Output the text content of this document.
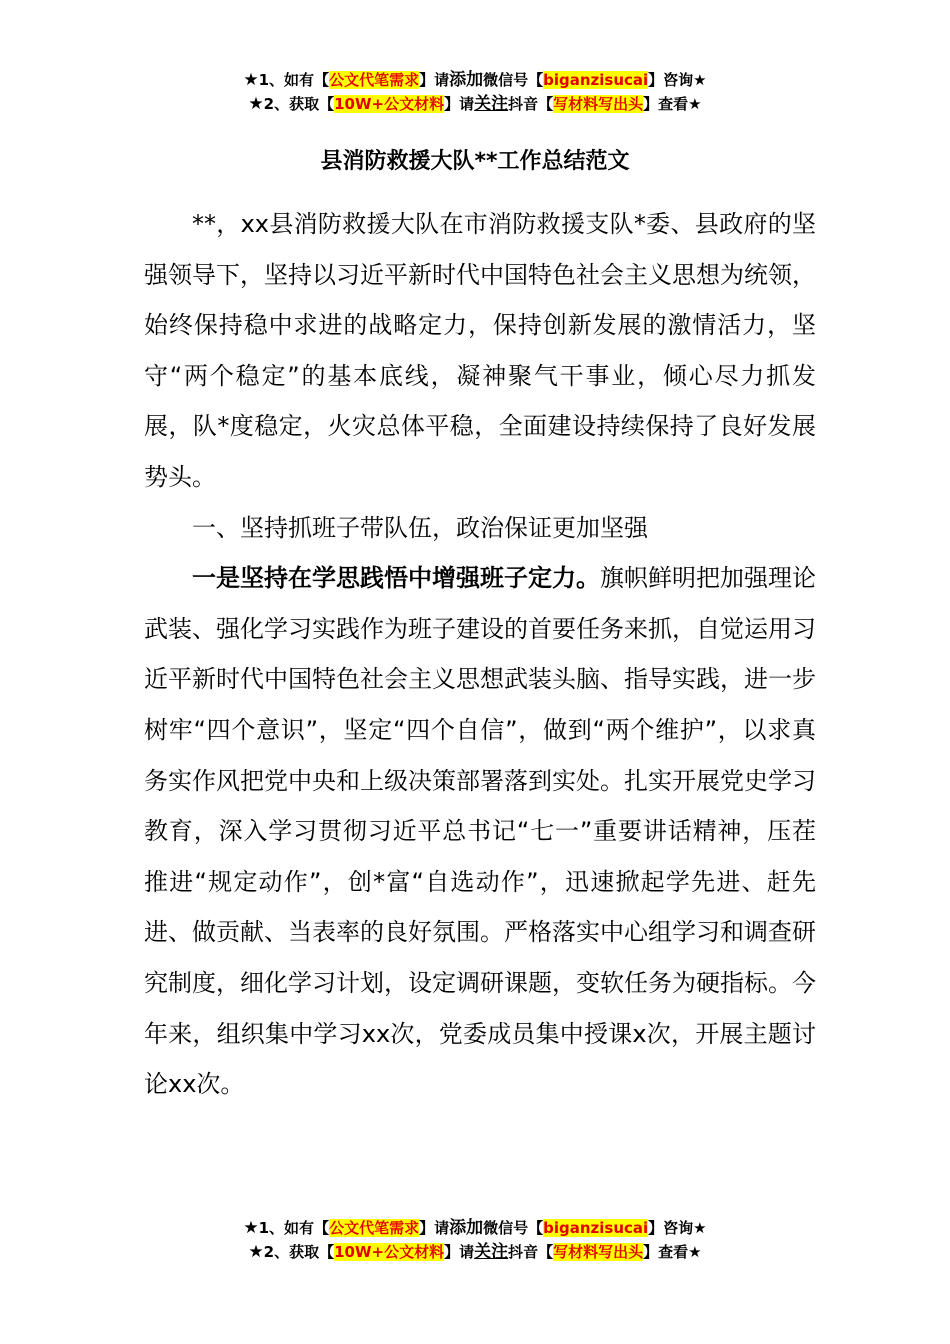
★1、如有【公文代笔需求】请添加微信号【biganzisucai】咨询★
★2、获取【10W+公文材料】请关注抖音【写材料写出头】查看★
县消防救援大队**工作总结范文

**，xx县消防救援大队在市消防救援支队*委、县政府的坚强领导下，坚持以习近平新时代中国特色社会主义思想为统领，始终保持稳中求进的战略定力，保持创新发展的激情活力，坚守“两个稳定”的基本底线，凝神聚气干事业，倾心尽力抓发展，队*度稳定，火灾总体平稳，全面建设持续保持了良好发展势头。

一、坚持抓班子带队伍，政治保证更加坚强

一是坚持在学思践悟中增强班子定力。旗帜鲜明把加强理论武装、强化学习实践作为班子建设的首要任务来抓，自觉运用习近平新时代中国特色社会主义思想武装头脑、指导实践，进一步树牢“四个意识”，坚定“四个自信”，做到“两个维护”，以求真务实作风把党中央和上级决策部署落到实处。扎实开展党史学习教育，深入学习贯彻习近平总书记“七一”重要讲话精神，压茬推进“规定动作”，创*富“自选动作”，迅速掀起学先进、赶先进、做贡献、当表率的良好氛围。严格落实中心组学习和调查研究制度，细化学习计划，设定调研课题，变软任务为硬指标。今年来，组织集中学习xx次，党委成员集中授课x次，开展主题讨论xx次。

★1、如有【公文代笔需求】请添加微信号【biganzisucai】咨询★
★2、获取【10W+公文材料】请关注抖音【写材料写出头】查看★
